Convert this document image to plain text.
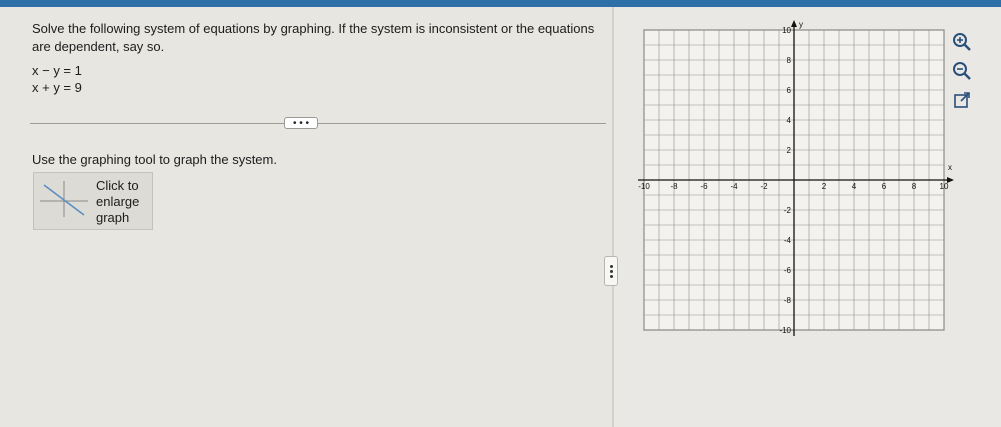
Solve the following system of equations by graphing. If the system is inconsistent or the equations are dependent, say so.

x − y = 1
x + y = 9
• • •
Use the graphing tool to graph the system.
Click to
enlarge
graph
x
y
-10	-8	-6	-4	-2	2	4	6	8	10
10
8
6
4
2
-2
-4
-6
-8
-10
